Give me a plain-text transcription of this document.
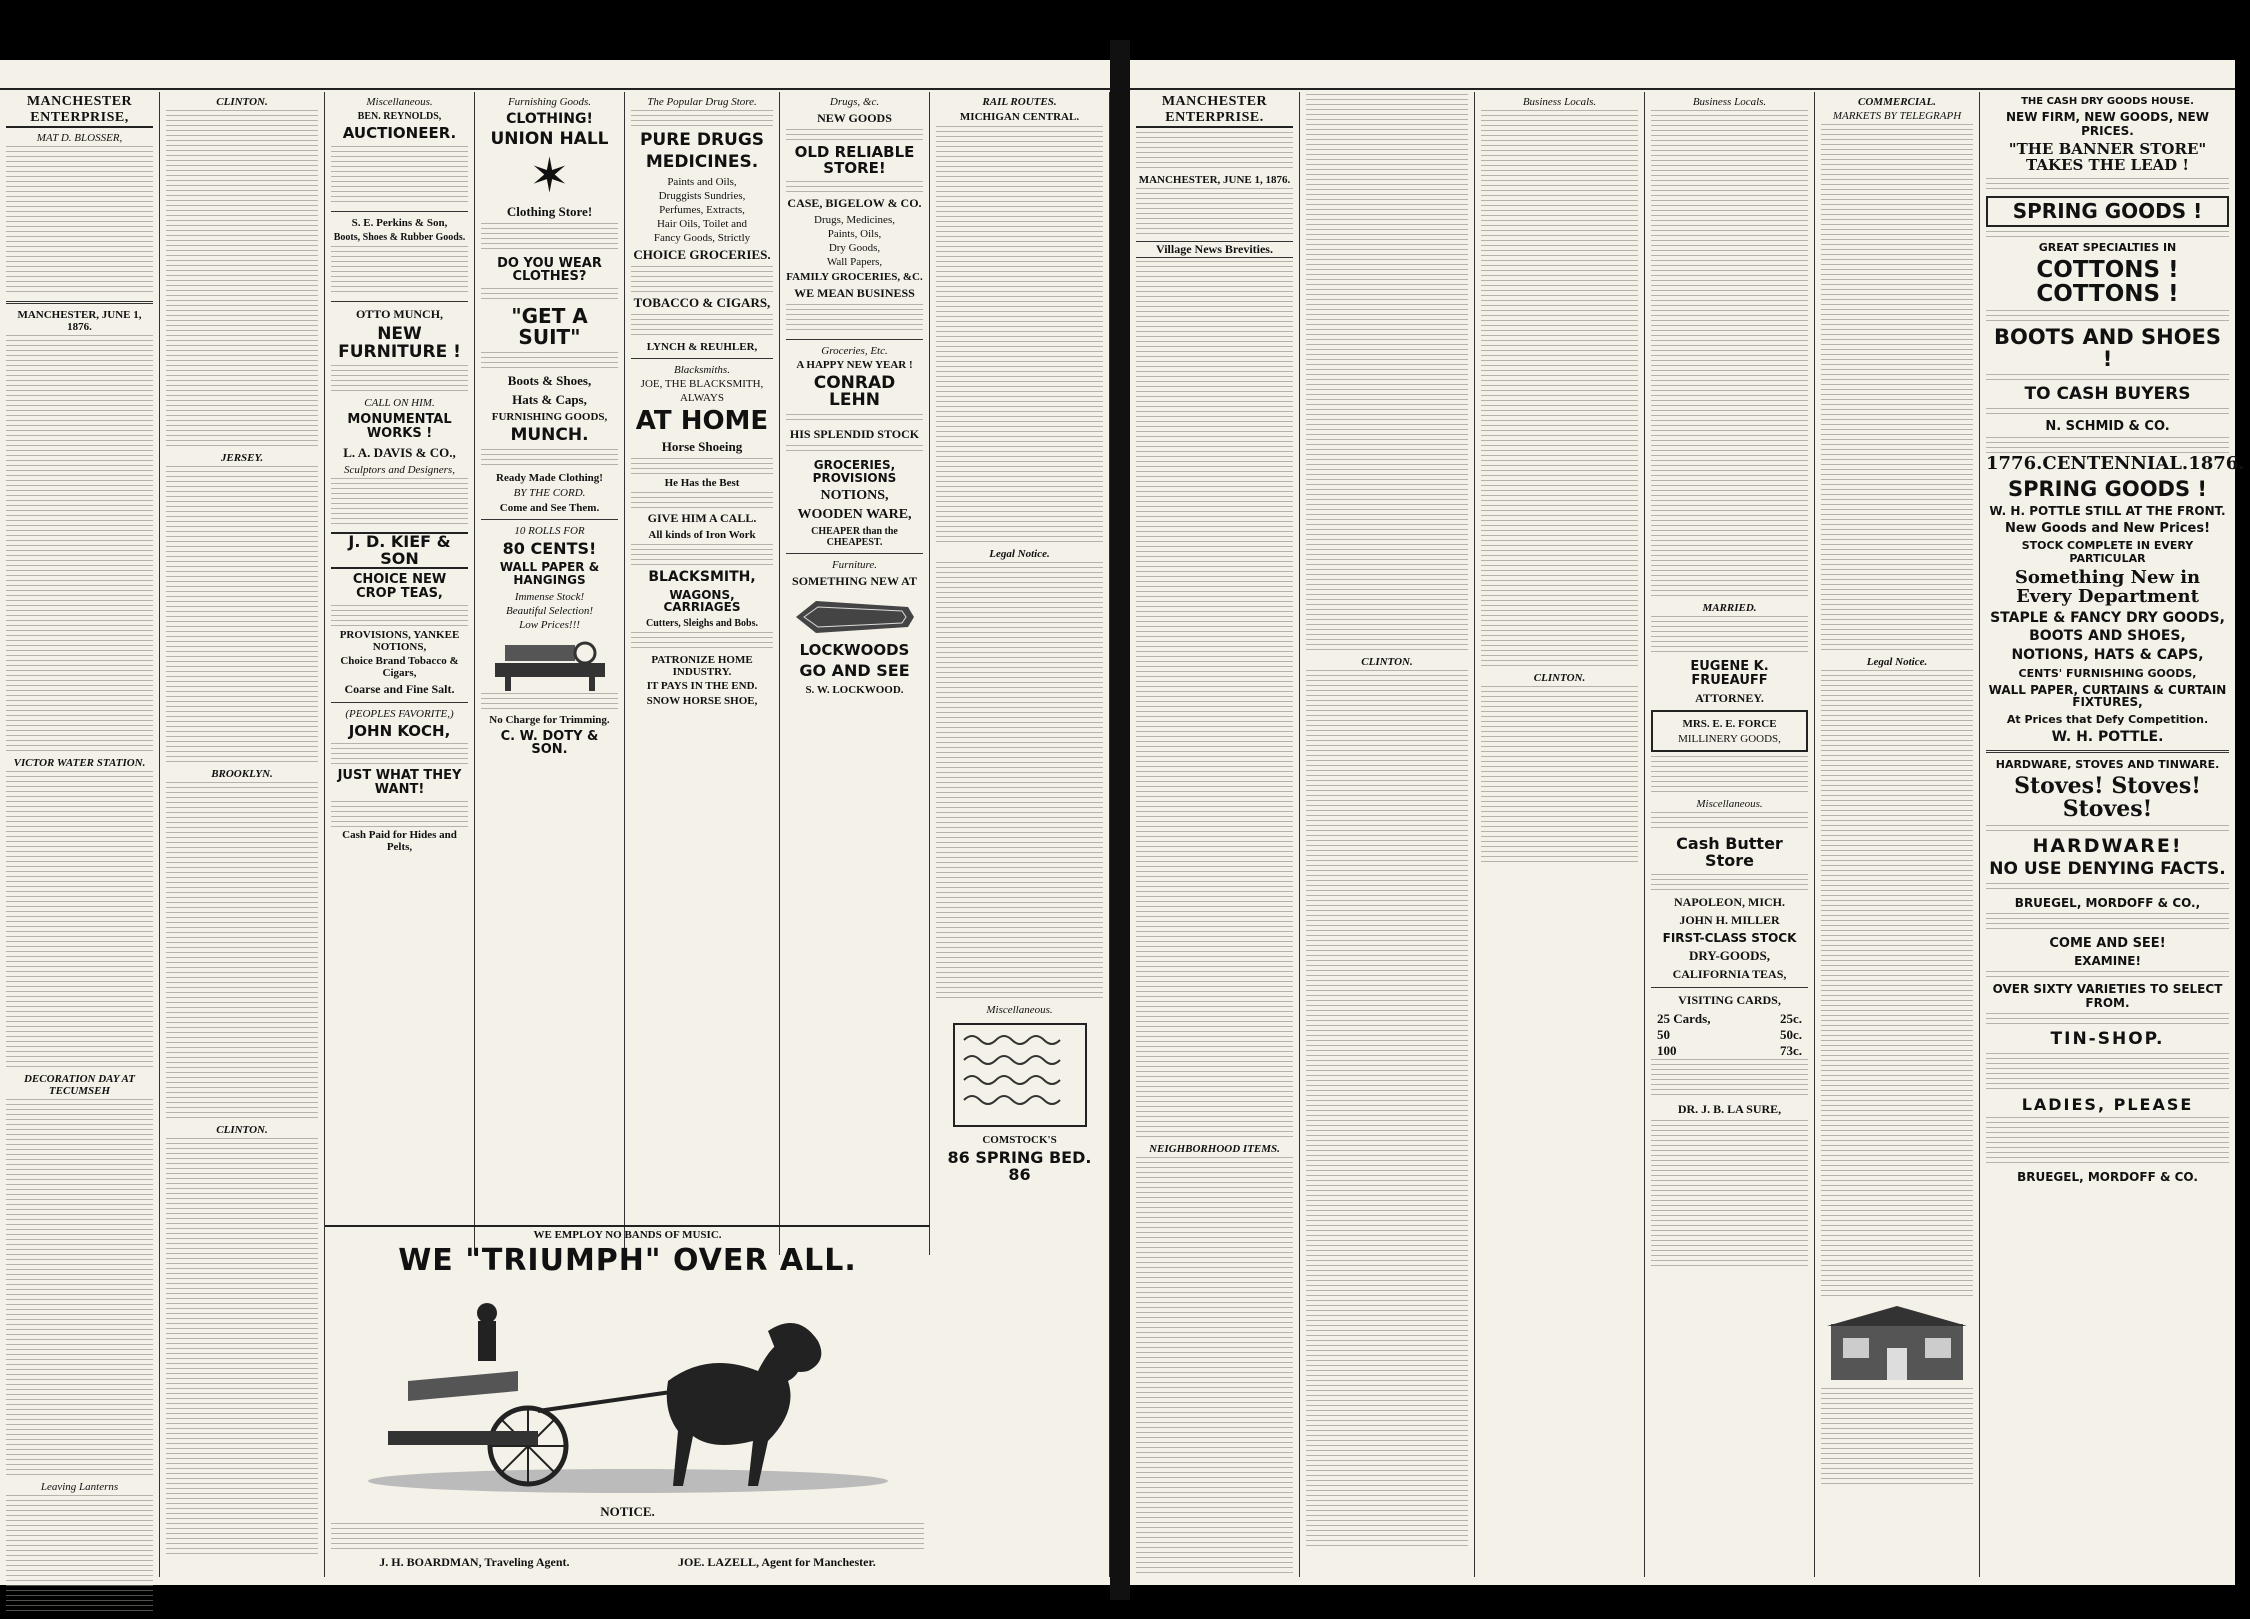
MANCHESTER ENTERPRISE,
MAT D. BLOSSER,
MANCHESTER, JUNE 1, 1876.
VICTOR WATER STATION.
DECORATION DAY AT TECUMSEH
Leaving Lanterns
CLINTON.
JERSEY.
BROOKLYN.
CLINTON.
Miscellaneous.
BEN. REYNOLDS,
AUCTIONEER.
S. E. Perkins & Son,
Boots, Shoes & Rubber Goods.
OTTO MUNCH,
NEW FURNITURE !
CALL ON HIM.
MONUMENTAL WORKS !
L. A. DAVIS & CO.,
Sculptors and Designers,
J. D. KIEF & SON
CHOICE NEW CROP TEAS,
PROVISIONS, YANKEE NOTIONS,
Choice Brand Tobacco & Cigars,
Coarse and Fine Salt.
(PEOPLES FAVORITE,)
JOHN KOCH,
JUST WHAT THEY WANT!
Cash Paid for Hides and Pelts,
Furnishing Goods.
CLOTHING!
UNION HALL
✶
Clothing Store!
DO YOU WEAR CLOTHES?
"GET A SUIT"
Boots & Shoes,
Hats & Caps,
FURNISHING GOODS,
MUNCH.
Ready Made Clothing!
BY THE CORD.
Come and See Them.
10 ROLLS FOR
80 CENTS!
WALL PAPER & HANGINGS
Immense Stock!
Beautiful Selection!
Low Prices!!!
No Charge for Trimming.
C. W. DOTY & SON.
The Popular Drug Store.
PURE DRUGS
MEDICINES.
Paints and Oils,
Druggists Sundries,
Perfumes, Extracts,
Hair Oils, Toilet and
Fancy Goods, Strictly
CHOICE GROCERIES.
TOBACCO & CIGARS,
LYNCH & REUHLER,
Blacksmiths.
JOE, THE BLACKSMITH,
ALWAYS
AT HOME
Horse Shoeing
He Has the Best
GIVE HIM A CALL.
All kinds of Iron Work
BLACKSMITH,
WAGONS, CARRIAGES
Cutters, Sleighs and Bobs.
PATRONIZE HOME INDUSTRY.
IT PAYS IN THE END.
SNOW HORSE SHOE,
Drugs, &c.
NEW GOODS
OLD RELIABLE STORE!
CASE, BIGELOW & CO.
Drugs, Medicines,
Paints, Oils,
Dry Goods,
Wall Papers,
FAMILY GROCERIES, &C.
WE MEAN BUSINESS
Groceries, Etc.
A HAPPY NEW YEAR !
CONRAD LEHN
HIS SPLENDID STOCK
GROCERIES, PROVISIONS
NOTIONS,
WOODEN WARE,
CHEAPER than the CHEAPEST.
Furniture.
SOMETHING NEW AT
LOCKWOODS
GO AND SEE
S. W. LOCKWOOD.
RAIL ROUTES.
MICHIGAN CENTRAL.
Legal Notice.
Miscellaneous.
COMSTOCK'S
86 SPRING BED. 86
WE EMPLOY NO BANDS OF MUSIC.
WE "TRIUMPH" OVER ALL.
NOTICE.
J. H. BOARDMAN, Traveling Agent.	JOE. LAZELL, Agent for Manchester.
MANCHESTER ENTERPRISE.
MANCHESTER, JUNE 1, 1876.
Village News Brevities.
NEIGHBORHOOD ITEMS.
CLINTON.
Business Locals.
CLINTON.
Business Locals.
MARRIED.
EUGENE K. FRUEAUFF
ATTORNEY.
MRS. E. E. FORCE
MILLINERY GOODS,
Miscellaneous.
Cash Butter Store
NAPOLEON, MICH.
JOHN H. MILLER
FIRST-CLASS STOCK
DRY-GOODS,
CALIFORNIA TEAS,
VISITING CARDS,
25 Cards,	25c.
50	50c.
100	73c.
DR. J. B. LA SURE,
COMMERCIAL.
MARKETS BY TELEGRAPH
Legal Notice.
THE CASH DRY GOODS HOUSE.
NEW FIRM, NEW GOODS, NEW PRICES.
"THE BANNER STORE" TAKES THE LEAD !
SPRING GOODS !
GREAT SPECIALTIES IN
COTTONS ! COTTONS !
BOOTS AND SHOES !
TO CASH BUYERS
N. SCHMID & CO.
1776. CENTENNIAL. 1876.
SPRING GOODS !
W. H. POTTLE STILL AT THE FRONT.
New Goods and New Prices!
STOCK COMPLETE IN EVERY PARTICULAR
Something New in Every Department
STAPLE & FANCY DRY GOODS,
BOOTS AND SHOES,
NOTIONS, HATS & CAPS,
CENTS' FURNISHING GOODS,
WALL PAPER, CURTAINS & CURTAIN FIXTURES,
At Prices that Defy Competition.
W. H. POTTLE.
HARDWARE, STOVES AND TINWARE.
Stoves! Stoves! Stoves!
HARDWARE!
NO USE DENYING FACTS.
BRUEGEL, MORDOFF & CO.,
COME AND SEE!
EXAMINE!
OVER SIXTY VARIETIES TO SELECT FROM.
TIN-SHOP.
LADIES, PLEASE
BRUEGEL, MORDOFF & CO.
